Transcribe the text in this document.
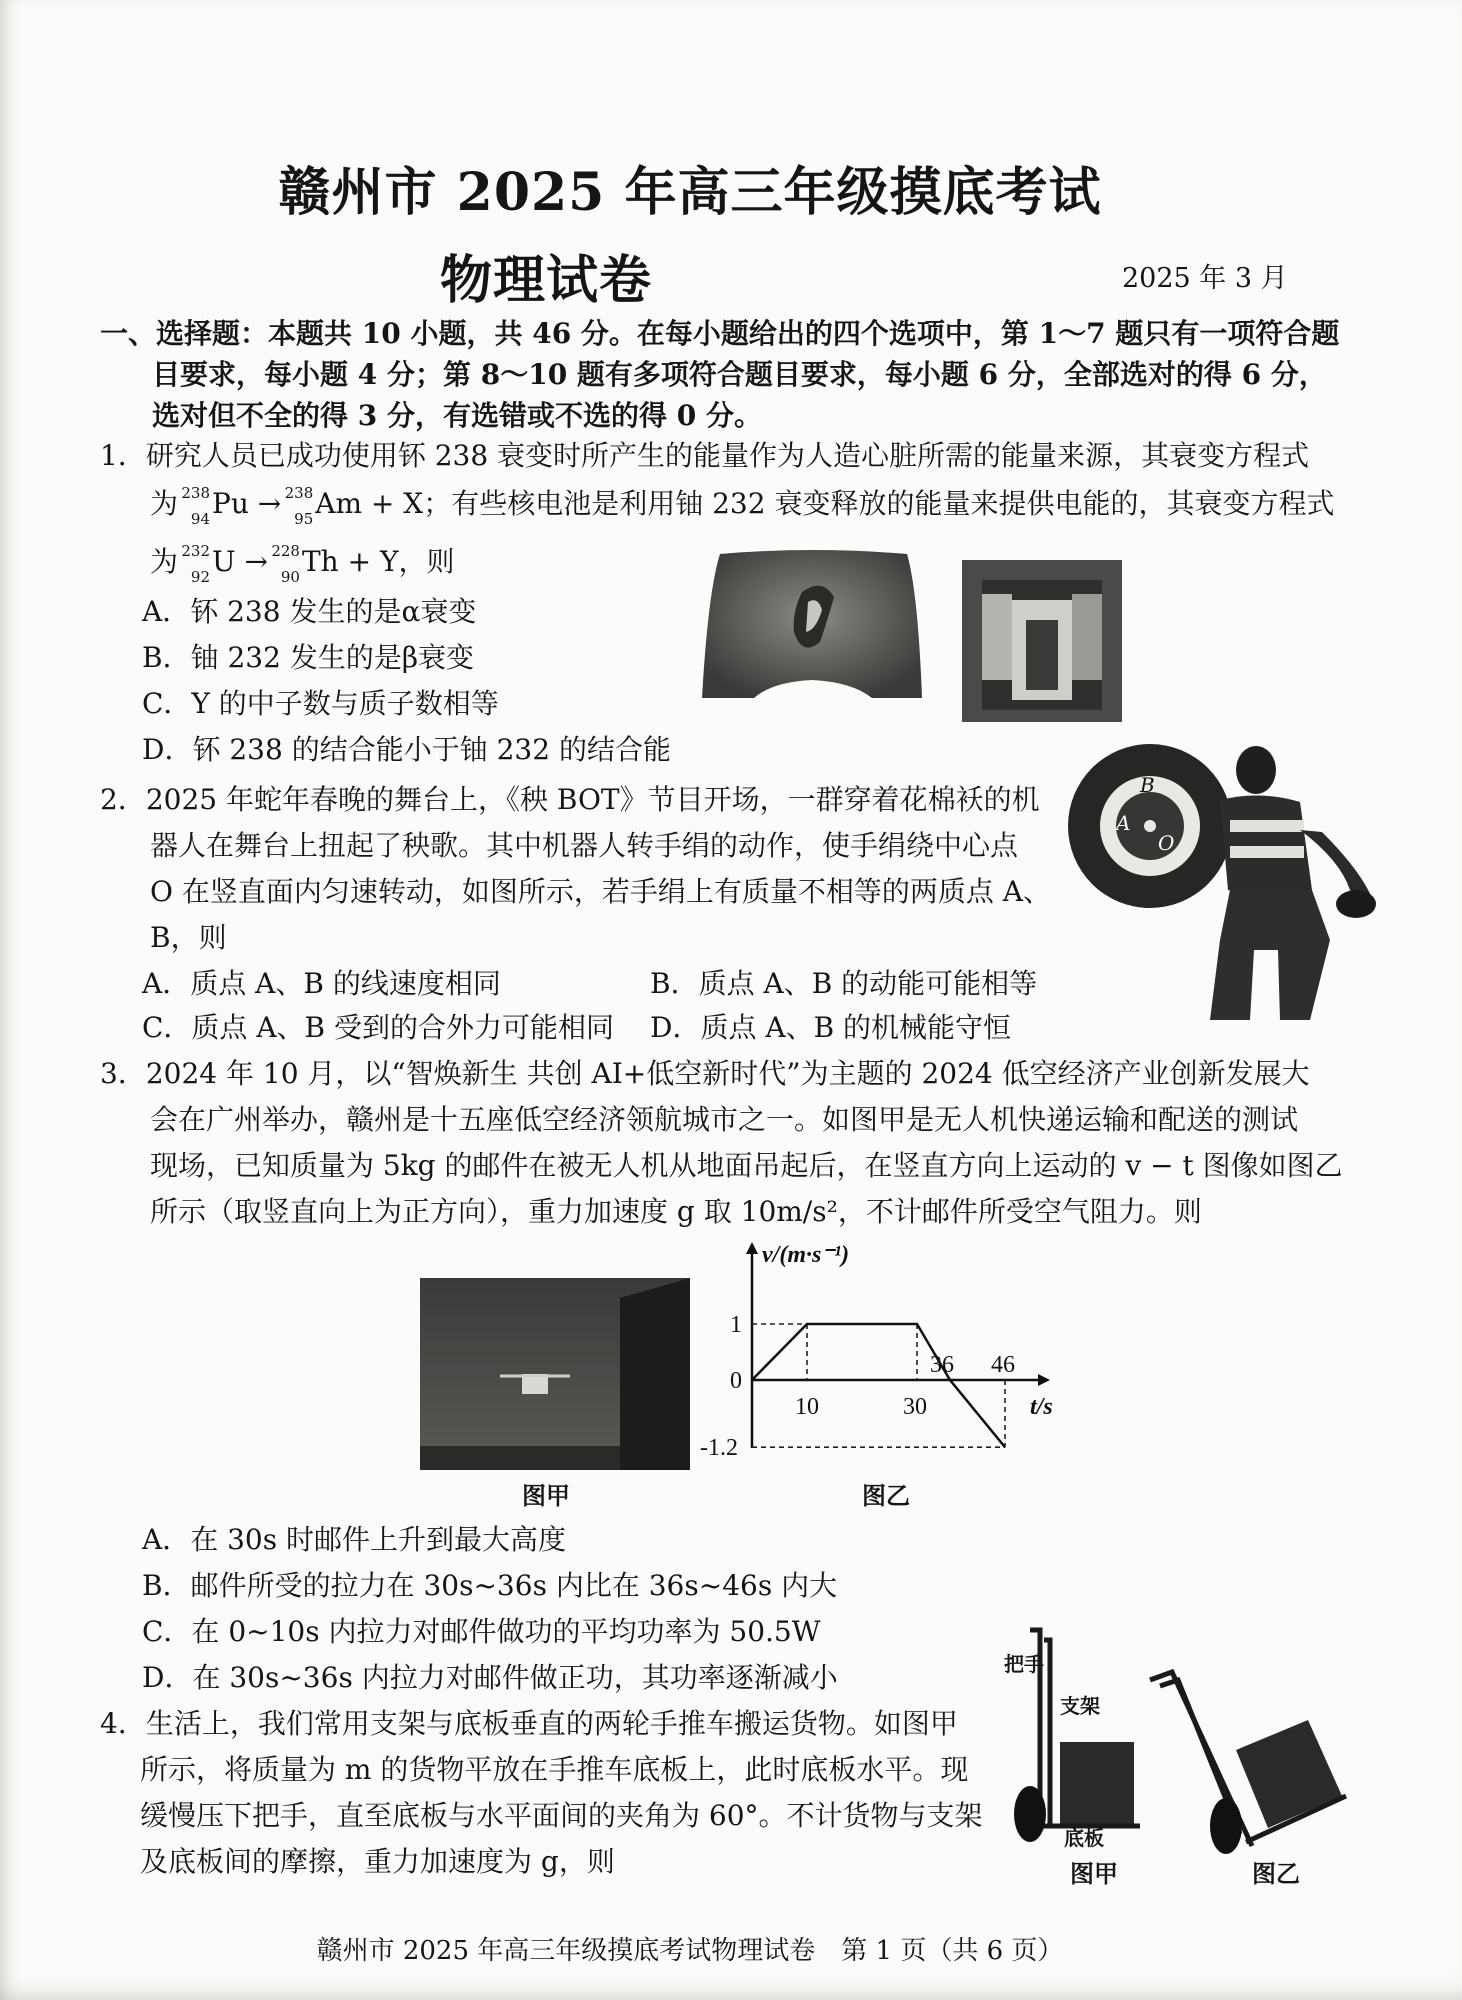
赣州市 2025 年高三年级摸底考试
物理试卷	2025 年 3 月
一、选择题：本题共 10 小题，共 46 分。在每小题给出的四个选项中，第 1～7 题只有一项符合题
目要求，每小题 4 分；第 8～10 题有多项符合题目要求，每小题 6 分，全部选对的得 6 分，
选对但不全的得 3 分，有选错或不选的得 0 分。
1．研究人员已成功使用钚 238 衰变时所产生的能量作为人造心脏所需的能量来源，其衰变方程式
为 238
94 Pu → 238
95 Am + X；有些核电池是利用铀 232 衰变释放的能量来提供电能的，其衰变方程式
为 232
92 U → 228
90 Th + Y，则
A．钚 238 发生的是α衰变
B．铀 232 发生的是β衰变
C．Y 的中子数与质子数相等
D．钚 238 的结合能小于铀 232 的结合能
2．2025 年蛇年春晚的舞台上，《秧 BOT》节目开场，一群穿着花棉袄的机
器人在舞台上扭起了秧歌。其中机器人转手绢的动作，使手绢绕中心点
O 在竖直面内匀速转动，如图所示，若手绢上有质量不相等的两质点 A、
B，则
A．质点 A、B 的线速度相同	B．质点 A、B 的动能可能相等
C．质点 A、B 受到的合外力可能相同 D．质点 A、B 的机械能守恒
B
A
O
3．2024 年 10 月，以“智焕新生 共创 AI+低空新时代”为主题的 2024 低空经济产业创新发展大
会在广州举办，赣州是十五座低空经济领航城市之一。如图甲是无人机快递运输和配送的测试
现场，已知质量为 5kg 的邮件在被无人机从地面吊起后，在竖直方向上运动的 v − t 图像如图乙
所示（取竖直向上为正方向），重力加速度 g 取 10m/s²，不计邮件所受空气阻力。则
图甲
10	30
36 46
1
0
-1.2
v/(m·s⁻¹)
t/s
图乙
A．在 30s 时邮件上升到最大高度
B．邮件所受的拉力在 30s~36s 内比在 36s~46s 内大
C．在 0~10s 内拉力对邮件做功的平均功率为 50.5W
D．在 30s~36s 内拉力对邮件做正功，其功率逐渐减小
4．生活上，我们常用支架与底板垂直的两轮手推车搬运货物。如图甲
所示，将质量为 m 的货物平放在手推车底板上，此时底板水平。现
缓慢压下把手，直至底板与水平面间的夹角为 60°。不计货物与支架
及底板间的摩擦，重力加速度为 g，则
把手
支架
底板
图甲	图乙
赣州市 2025 年高三年级摸底考试物理试卷　第 1 页（共 6 页）
